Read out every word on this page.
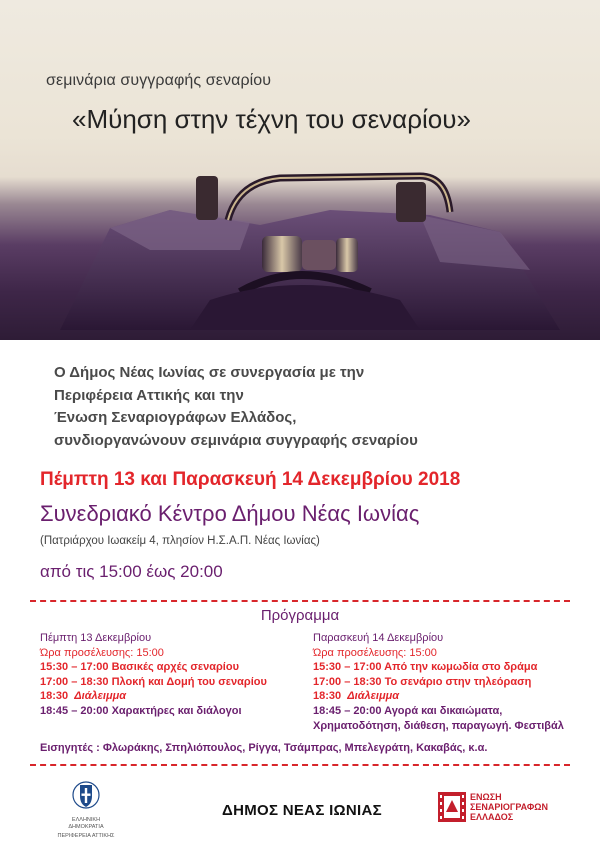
σεμινάρια συγγραφής σεναρίου
«Μύηση στην τέχνη του σεναρίου»
Ο Δήμος Νέας Ιωνίας σε συνεργασία με την
Περιφέρεια Αττικής και την
Ένωση Σεναριογράφων Ελλάδος,
συνδιοργανώνουν σεμινάρια συγγραφής σεναρίου
Πέμπτη 13 και Παρασκευή 14 Δεκεμβρίου 2018
Συνεδριακό Κέντρο Δήμου Νέας Ιωνίας
(Πατριάρχου Ιωακείμ 4, πλησίον Η.Σ.Α.Π. Νέας Ιωνίας)
από τις 15:00 έως 20:00
Πρόγραμμα
Πέμπτη 13 Δεκεμβρίου
Ώρα προσέλευσης: 15:00
15:30 – 17:00 Βασικές αρχές σεναρίου
17:00 – 18:30 Πλοκή και Δομή του σεναρίου
18:30 Διάλειμμα
18:45 – 20:00 Χαρακτήρες και διάλογοι
Παρασκευή 14 Δεκεμβρίου
Ώρα προσέλευσης: 15:00
15:30 – 17:00 Από την κωμωδία στο δράμα
17:00 – 18:30 Το σενάριο στην τηλεόραση
18:30 Διάλειμμα
18:45 – 20:00 Αγορά και δικαιώματα,
Χρηματοδότηση, διάθεση, παραγωγή. Φεστιβάλ
Εισηγητές : Φλωράκης, Σπηλιόπουλος, Ρίγγα, Τσάμπρας, Μπελεγράτη, Κακαβάς, κ.α.
ΕΛΛΗΝΙΚΗ ΔΗΜΟΚΡΑΤΙΑ
ΠΕΡΙΦΕΡΕΙΑ ΑΤΤΙΚΗΣ
ΔΗΜΟΣ ΝΕΑΣ ΙΩΝΙΑΣ
ΕΝΩΣΗ
ΣΕΝΑΡΙΟΓΡΑΦΩΝ
ΕΛΛΑΔΟΣ
